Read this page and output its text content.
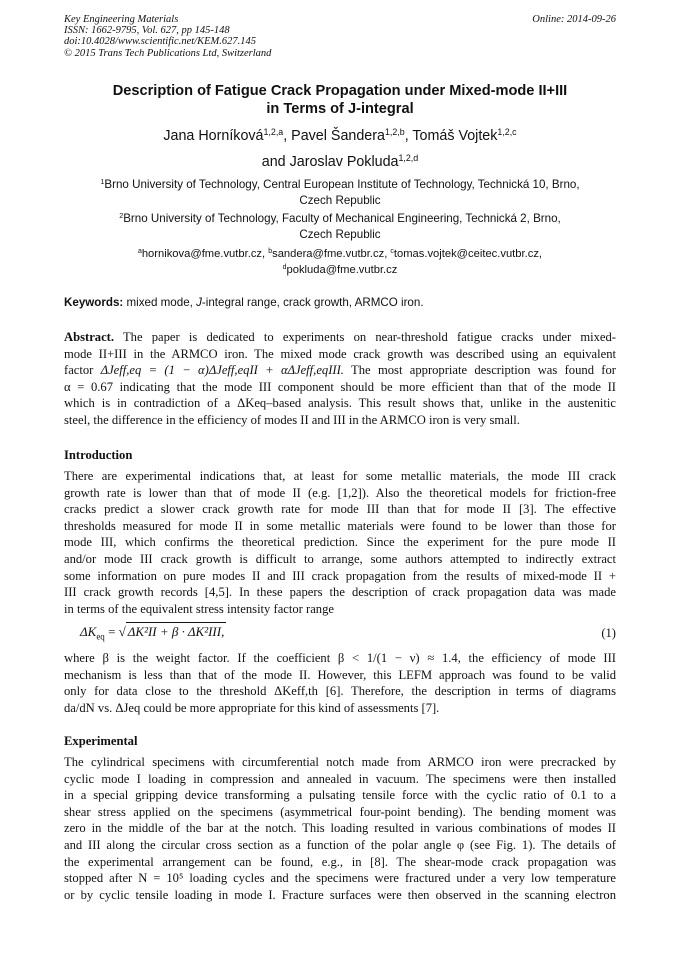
Key Engineering Materials
ISSN: 1662-9795, Vol. 627, pp 145-148
doi:10.4028/www.scientific.net/KEM.627.145
© 2015 Trans Tech Publications Ltd, Switzerland
Online: 2014-09-26
Description of Fatigue Crack Propagation under Mixed-mode II+III
in Terms of J-integral
Jana Horníková$^{1,2,a}$, Pavel Šandera$^{1,2,b}$, Tomáš Vojtek$^{1,2,c}$
and Jaroslav Pokluda$^{1,2,d}$
$^1$Brno University of Technology, Central European Institute of Technology, Technická 10, Brno,
Czech Republic
$^2$Brno University of Technology, Faculty of Mechanical Engineering, Technická 2, Brno,
Czech Republic
$^a$hornikova@fme.vutbr.cz, $^b$sandera@fme.vutbr.cz, $^c$tomas.vojtek@ceitec.vutbr.cz,
$^d$pokluda@fme.vutbr.cz
Keywords: mixed mode, J-integral range, crack growth, ARMCO iron.
Abstract. The paper is dedicated to experiments on near-threshold fatigue cracks under mixed-
mode II+III in the ARMCO iron. The mixed mode crack growth was described using an equivalent
factor ΔJeff,eq = (1 − α)ΔJeff,eqII + αΔJeff,eqIII. The most appropriate description was found for
α = 0.67 indicating that the mode III component should be more efficient than that of the mode II
which is in contradiction of a ΔKeq–based analysis. This result shows that, unlike in the austenitic
steel, the difference in the efficiency of modes II and III in the ARMCO iron is very small.
Introduction
There are experimental indications that, at least for some metallic materials, the mode III crack
growth rate is lower than that of mode II (e.g. [1,2]). Also the theoretical models for friction-free
cracks predict a slower crack growth rate for mode III than that for mode II [3]. The effective
thresholds measured for mode II in some metallic materials were found to be lower than those for
mode III, which confirms the theoretical prediction. Since the experiment for the pure mode II
and/or mode III crack growth is difficult to arrange, some authors attempted to indirectly extract
some information on pure modes II and III crack propagation from the results of mixed-mode II +
III crack growth records [4,5]. In these papers the description of crack propagation data was made
in terms of the equivalent stress intensity factor range
$\Delta K_{eq}$ = √ ΔK²II + β · ΔK²III,	(1)
where β is the weight factor. If the coefficient β < 1/(1 − ν) ≈ 1.4, the efficiency of mode III
mechanism is less than that of the mode II. However, this LEFM approach was found to be valid
only for data close to the threshold ΔKeff,th [6]. Therefore, the description in terms of diagrams
da/dN vs. ΔJeq could be more appropriate for this kind of assessments [7].
Experimental
The cylindrical specimens with circumferential notch made from ARMCO iron were precracked by
cyclic mode I loading in compression and annealed in vacuum. The specimens were then installed
in a special gripping device transforming a pulsating tensile force with the cyclic ratio of 0.1 to a
shear stress applied on the specimens (asymmetrical four-point bending). The bending moment was
zero in the middle of the bar at the notch. This loading resulted in various combinations of modes II
and III along the circular cross section as a function of the polar angle φ (see Fig. 1). The details of
the experimental arrangement can be found, e.g., in [8]. The shear-mode crack propagation was
stopped after N = 10⁵ loading cycles and the specimens were fractured under a very low temperature
or by cyclic tensile loading in mode I. Fracture surfaces were then observed in the scanning electron
